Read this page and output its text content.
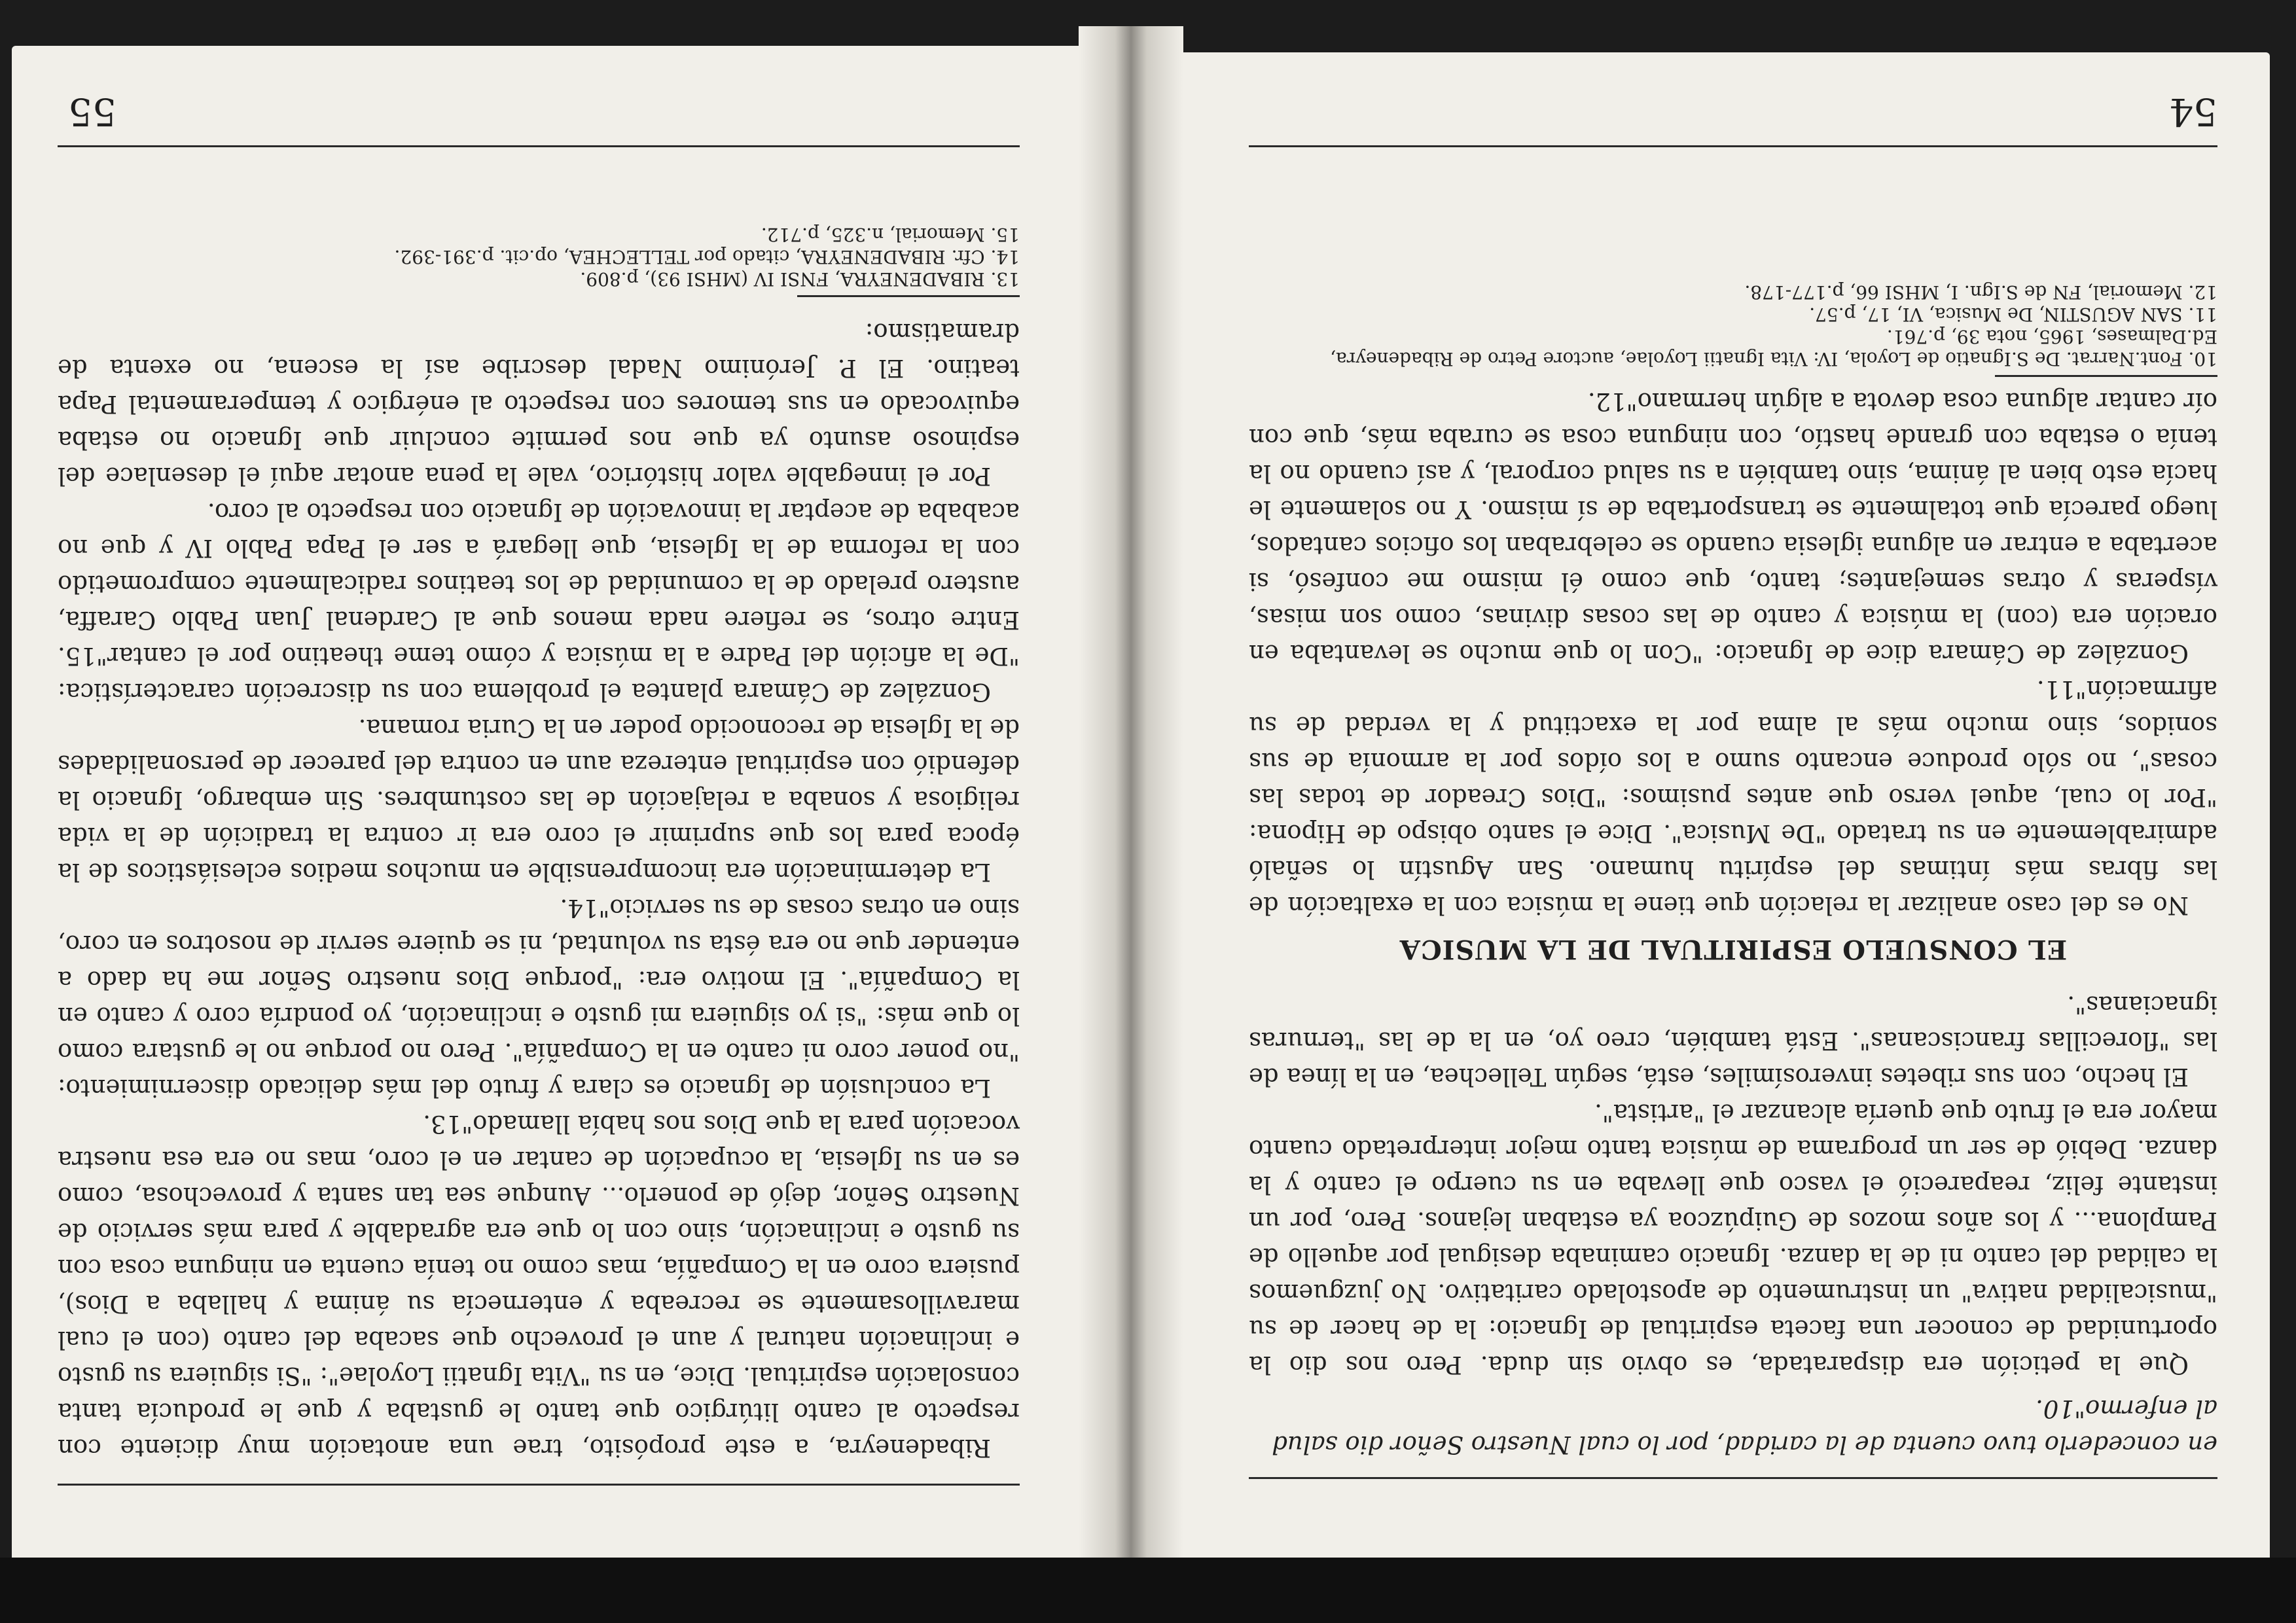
en concederlo tuvo cuenta de la caridad, por lo cual Nuestro Señor dio salud al enfermo"10.

Que la petición era disparatada, es obvio sin duda. Pero nos dio la oportunidad de conocer una faceta espiritual de Ignacio: la de hacer de su "musicalidad nativa" un instrumento de apostolado caritativo. No juzguemos la calidad del canto ni de la danza. Ignacio caminaba desigual por aquello de Pamplona... y los años mozos de Guipúzcoa ya estaban lejanos. Pero, por un instante feliz, reapareció el vasco que llevaba en su cuerpo el canto y la danza. Debió de ser un programa de música tanto mejor interpretado cuanto mayor era el fruto que quería alcanzar el "artista".

El hecho, con sus ribetes inverosímiles, está, según Tellechea, en la línea de las "florecillas franciscanas". Está también, creo yo, en la de las "ternuras ignacianas".

EL CONSUELO ESPIRITUAL DE LA MUSICA

No es del caso analizar la relación que tiene la música con la exaltación de las fibras más íntimas del espíritu humano. San Agustín lo señaló admirablemente en su tratado "De Musica". Dice el santo obispo de Hipona: "Por lo cual, aquel verso que antes pusimos: "Dios Creador de todas las cosas", no sólo produce encanto sumo a los oídos por la armonía de sus sonidos, sino mucho más al alma por la exactitud y la verdad de su afirmación"11.

González de Cámara dice de Ignacio: "Con lo que mucho se levantaba en oración era (con) la música y canto de las cosas divinas, como son misas, vísperas y otras semejantes; tanto, que como él mismo me confesó, si acertaba a entrar en alguna iglesia cuando se celebraban los oficios cantados, luego parecía que totalmente se transportaba de sí mismo. Y no solamente le hacía esto bien al ánima, sino también a su salud corporal, y así cuando no la tenía o estaba con grande hastío, con ninguna cosa se curaba más, que con oír cantar alguna cosa devota a algún hermano"12.

10. Font.Narrat. De S.Ignatio de Loyola, IV: Vita Ignatii Loyolae, auctore Petro de Ribadeneyra, Ed.Dalmases, 1965, nota 39, p.761.

11. SAN AGUSTIN, De Musica, VI, 17, p.57.

12. Memorial, FN de S.Ign. I, MHSI 66, p.177-178.

54

Ribadeneyra, a este propósito, trae una anotación muy diciente con respecto al canto litúrgico que tanto le gustaba y que le producía tanta consolación espiritual. Dice, en su "Vita Ignatii Loyolae": "Si siguiera su gusto e inclinación natural y aun el provecho que sacaba del canto (con el cual maravillosamente se recreaba y enternecía su ánima y hallaba a Dios), pusiera coro en la Compañía, mas como no tenía cuenta en ninguna cosa con su gusto e inclinación, sino con lo que era agradable y para más servicio de Nuestro Señor, dejó de ponerlo... Aunque sea tan santa y provechosa, como es en su Iglesia, la ocupación de cantar en el coro, mas no era esa nuestra vocación para la que Dios nos había llamado"13.

La conclusión de Ignacio es clara y fruto del más delicado discernimiento: "no poner coro ni canto en la Compañía". Pero no porque no le gustara como lo que más: "si yo siguiera mi gusto e inclinación, yo pondría coro y canto en la Compañía". El motivo era: "porque Dios nuestro Señor me ha dado a entender que no era ésta su voluntad, ni se quiere servir de nosotros en coro, sino en otras cosas de su servicio"14.

La determinación era incomprensible en muchos medios eclesiásticos de la época para los que suprimir el coro era ir contra la tradición de la vida religiosa y sonaba a relajación de las costumbres. Sin embargo, Ignacio la defendió con espiritual entereza aun en contra del parecer de personalidades de la Iglesia de reconocido poder en la Curia romana.

González de Cámara plantea el problema con su discreción característica: "De la afición del Padre a la música y cómo teme theatino por el cantar"15. Entre otros, se refiere nada menos que al Cardenal Juan Pablo Caraffa, austero prelado de la comunidad de los teatinos radicalmente comprometido con la reforma de la Iglesia, que llegará a ser el Papa Pablo IV y que no acababa de aceptar la innovación de Ignacio con respecto al coro.

Por el innegable valor histórico, vale la pena anotar aquí el desenlace del espinoso asunto ya que nos permite concluir que Ignacio no estaba equivocado en sus temores con respecto al enérgico y temperamental Papa teatino. El P. Jerónimo Nadal describe así la escena, no exenta de dramatismo:

13. RIBADENEYRA, FNSI IV (MHSI 93), p.809.

14. Cfr. RIBADENEYRA, citado por TELLECHEA, op.cit. p.391-392.

15. Memorial, n.325, p.712.

55
